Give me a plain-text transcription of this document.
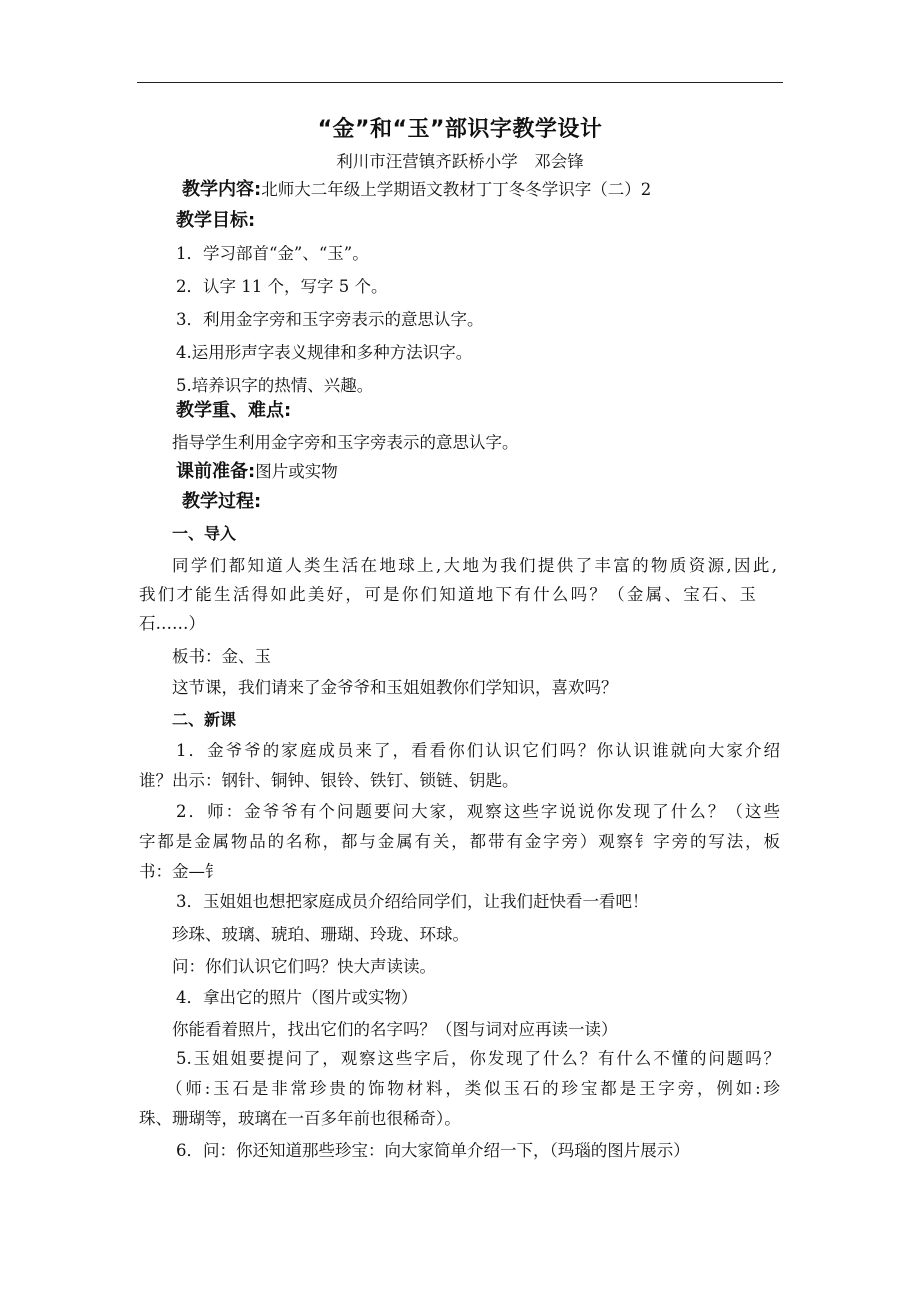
“金”和“玉”部识字教学设计
利川市汪营镇齐跃桥小学　邓会锋
教学内容:北师大二年级上学期语文教材丁丁冬冬学识字（二）2
教学目标:
1．学习部首“金”、“玉”。
2．认字 11 个，写字 5 个。
3．利用金字旁和玉字旁表示的意思认字。
4.运用形声字表义规律和多种方法识字。
5.培养识字的热情、兴趣。
教学重、难点:
指导学生利用金字旁和玉字旁表示的意思认字。
课前准备:图片或实物
教学过程:
一、导入
同学们都知道人类生活在地球上,大地为我们提供了丰富的物质资源,因此,
我们才能生活得如此美好，可是你们知道地下有什么吗？（金属、宝石、玉
石……）
板书：金、玉
这节课，我们请来了金爷爷和玉姐姐教你们学知识，喜欢吗？
二、新课
1．金爷爷的家庭成员来了，看看你们认识它们吗？你认识谁就向大家介绍
谁？出示：钢针、铜钟、银铃、铁钉、锁链、钥匙。
2．师：金爷爷有个问题要问大家，观察这些字说说你发现了什么？（这些
字都是金属物品的名称，都与金属有关，都带有金字旁）观察钅字旁的写法，板
书：金—钅
3．玉姐姐也想把家庭成员介绍给同学们，让我们赶快看一看吧！
珍珠、玻璃、琥珀、珊瑚、玲珑、环球。
问：你们认识它们吗？快大声读读。
4．拿出它的照片（图片或实物）
你能看着照片，找出它们的名字吗？（图与词对应再读一读）
5.玉姐姐要提问了，观察这些字后，你发现了什么？有什么不懂的问题吗？
（师:玉石是非常珍贵的饰物材料，类似玉石的珍宝都是王字旁，例如:珍
珠、珊瑚等，玻璃在一百多年前也很稀奇）。
6．问：你还知道那些珍宝：向大家简单介绍一下，（玛瑙的图片展示）
